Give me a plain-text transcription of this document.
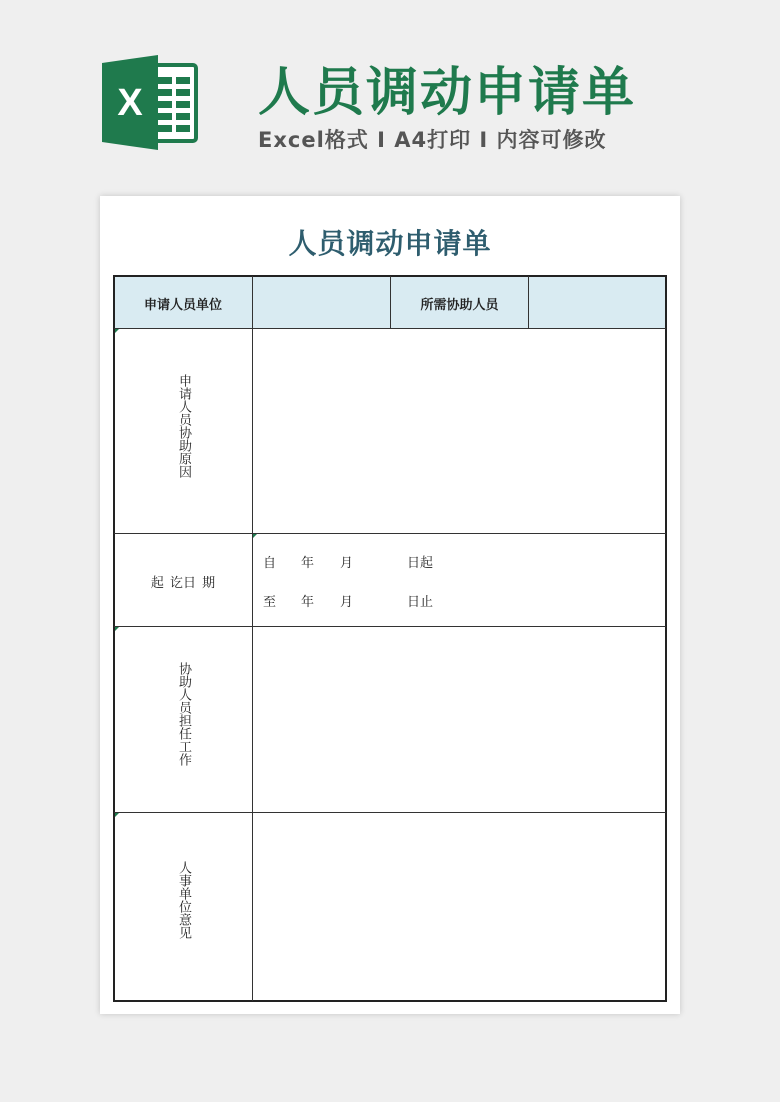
X 人员调动申请单
Excel格式 Ⅰ A4打印 Ⅰ 内容可修改
人员调动申请单
申请人员单位	所需协助人员
申请人员协助原因
起 讫日 期
自 年 月	日起
至 年 月	日止
协助人员担任工作
人事单位意见
